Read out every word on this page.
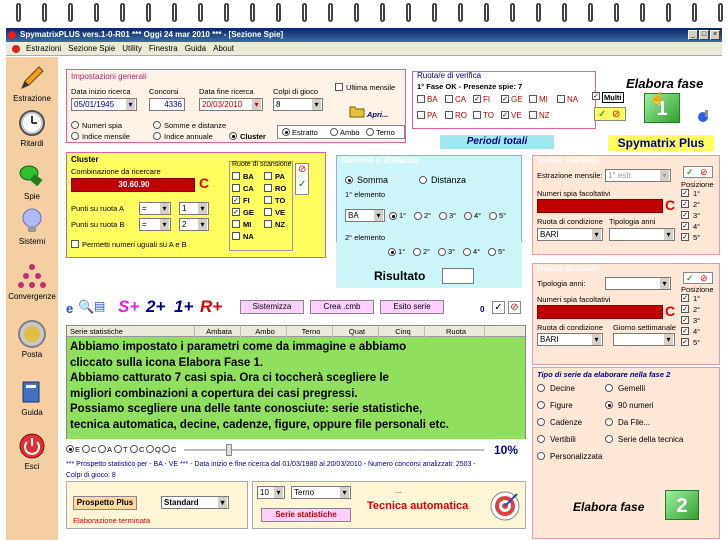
SpymatrixPLUS vers.1-0-R01 *** Oggi 24 mar 2010 *** - [Sezione Spie]	_ □ ×
Estrazioni Sezione Spie Utility Finestra Guida About
Estrazione
Ritardi
Spie
Sistemi
Convergenze
Posta
Guida
Esci
Impostazioni generali
Data inizio ricerca
05/01/1945 ▾
Concorsi
4336
Data fine ricerca
20/03/2010 ▾
Colpi di gioco
8 ▾
Ultima mensile
Apri...
Numeri spia
Indice mensile
Somme e distanze
Indice annuale	Cluster	Estratto	Ambo Terno
Ruota/e di verifica
1° Fase OK - Presenze spie: 7
BA CA ✓ FI ✓ GE MI NA
PA RO TO ✓ VE NZ
✓ Multi
✓ ⊘
Elabora fase
1
☝
Periodi totali	Spymatrix Plus
Cluster
Combinazione da ricercare
30.60.90	C
Punti su ruota A	= ▾	1 ▾
Punti su ruota B	= ▾	2 ▾
Permetti numeri uguali su A e B
Ruote di scansione
BA
CA
✓ FI
✓ GE
MI
NA
PA
RO
TO
VE
NZ
⊘
✓
Somme e distanze
Somma	Distanza
1° elemento
BA ▾	1° 2° 3° 4° 5°
2° elemento
▾
1° 2° 3° 4° 5°
Risultato
Indice mensile
Estrazione mensile: 1° estr. ▾
Numeri spia facoltativi
C
Ruota di condizione Tipologia anni
BARI ▾
▾
✓ ⊘
Posizione
✓ 1°
✓ 2°
✓ 3°
✓ 4°
✓ 5°
Indice annuale
Tipologia anni:
▾
Numeri spia facoltativi
C
Ruota di condizione Giorno settimanale
BARI ▾
▾
✓ ⊘
Posizione
✓ 1°
✓ 2°
✓ 3°
✓ 4°
✓ 5°
e 🔍 ▤ S+ 2+ 1+ R+	Sistemizza	Crea .cmb	Esito serie	0 ✓ ⊘
Serie statistiche	Ambata	Ambo	Terno	Quat	Cinq	Ruota
Abbiamo impostato i parametri come da immagine e abbiamo
cliccato sulla icona Elabora Fase 1.
Abbiamo catturato 7 casi spia. Ora ci toccherà scegliere le
migliori combinazioni a copertura dei casi pregressi.
Possiamo scegliere una delle tante conosciute: serie statistiche,
tecnica automatica, decine, cadenze, figure, oppure file personali etc.
E C A T C Q C	10%
*** Prospetto statistico per - BA - VE *** - Data inizio e fine ricerca dal 01/03/1980 al 20/03/2010 - Numero concorsi analizzati: 2503 -
Colpi di gioco: 8
Prospetto Plus	Standard ▾
Elaborazione terminata
10 ▾	Terno ▾	...
Serie statistiche
Tecnica automatica
Tipo di serie da elaborare nella fase 2
Decine
Figure
Cadenze
Vertibili
Personalizzata
Gemelli
90 numeri
Da File...
Serie della tecnica
Elabora fase	2
